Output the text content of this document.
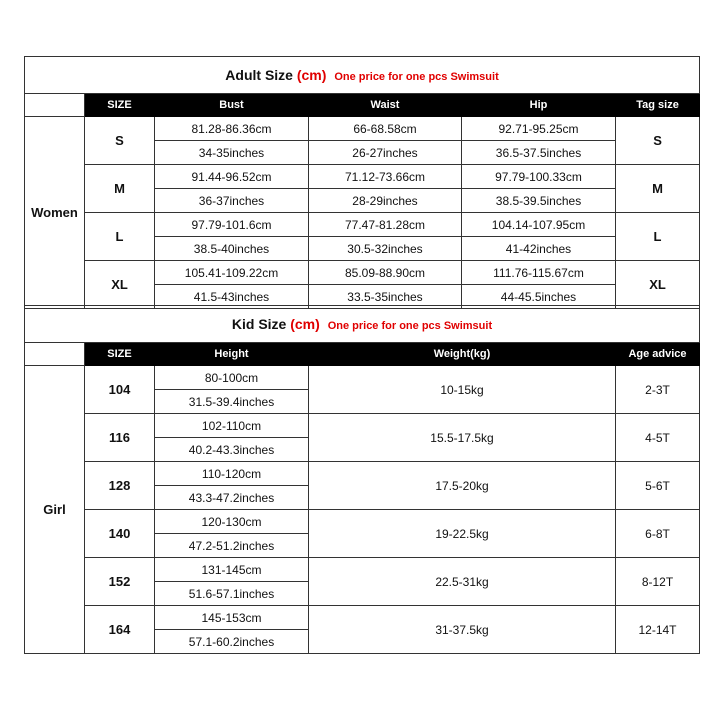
Adult Size (cm) One price for one pcs Swimsuit					
	SIZE	Bust	Waist	Hip	Tag size
Women	S	81.28-86.36cm	66-68.58cm	92.71-95.25cm	S
		34-35inches	26-27inches	36.5-37.5inches	
	M	91.44-96.52cm	71.12-73.66cm	97.79-100.33cm	M
		36-37inches	28-29inches	38.5-39.5inches	
	L	97.79-101.6cm	77.47-81.28cm	104.14-107.95cm	L
		38.5-40inches	30.5-32inches	41-42inches	
	XL	105.41-109.22cm	85.09-88.90cm	111.76-115.67cm	XL
		41.5-43inches	33.5-35inches	44-45.5inches	
Kid Size (cm) One price for one pcs Swimsuit				
	SIZE	Height	Weight(kg)	Age advice
Girl	104	80-100cm	10-15kg	2-3T
		31.5-39.4inches		
	116	102-110cm	15.5-17.5kg	4-5T
		40.2-43.3inches		
	128	110-120cm	17.5-20kg	5-6T
		43.3-47.2inches		
	140	120-130cm	19-22.5kg	6-8T
		47.2-51.2inches		
	152	131-145cm	22.5-31kg	8-12T
		51.6-57.1inches		
	164	145-153cm	31-37.5kg	12-14T
		57.1-60.2inches		
